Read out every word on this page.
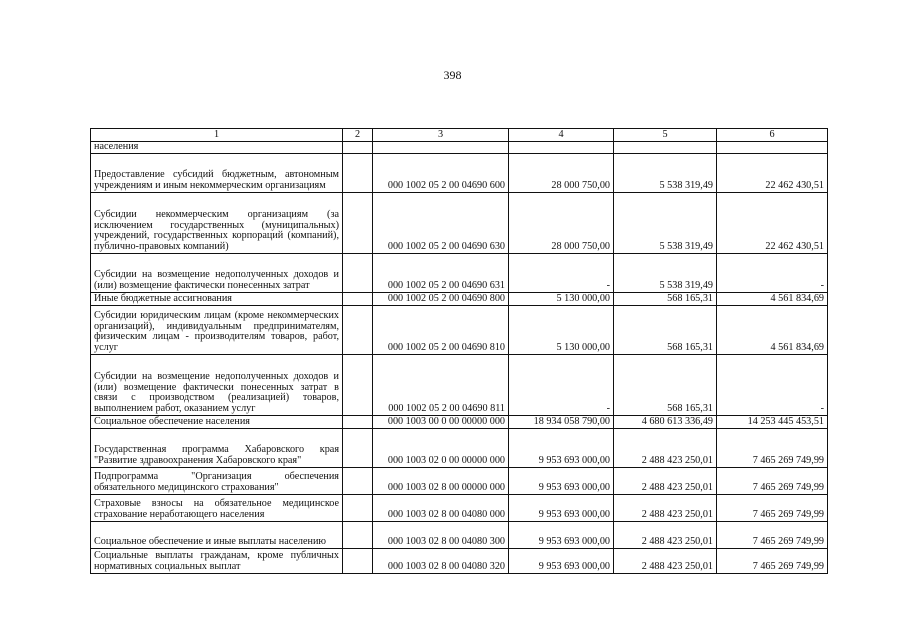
398
1	2	3	4	5	6
населения					
Предоставление субсидий бюджетным, автономным учреждениям и иным некоммерческим организациям		000 1002 05 2 00 04690 600	28 000 750,00	5 538 319,49	22 462 430,51
Субсидии некоммерческим организациям (за исключением государственных (муниципальных) учреждений, государственных корпораций (компаний), публично-правовых компаний)		000 1002 05 2 00 04690 630	28 000 750,00	5 538 319,49	22 462 430,51
Субсидии на возмещение недополученных доходов и (или) возмещение фактически понесенных затрат		000 1002 05 2 00 04690 631	-	5 538 319,49	-
Иные бюджетные ассигнования		000 1002 05 2 00 04690 800	5 130 000,00	568 165,31	4 561 834,69
Субсидии юридическим лицам (кроме некоммерческих организаций), индивидуальным предпринимателям, физическим лицам - производителям товаров, работ, услуг		000 1002 05 2 00 04690 810	5 130 000,00	568 165,31	4 561 834,69
Субсидии на возмещение недополученных доходов и (или) возмещение фактически понесенных затрат в связи с производством (реализацией) товаров, выполнением работ, оказанием услуг		000 1002 05 2 00 04690 811	-	568 165,31	-
Социальное обеспечение населения		000 1003 00 0 00 00000 000	18 934 058 790,00	4 680 613 336,49	14 253 445 453,51
Государственная программа Хабаровского края "Развитие здравоохранения Хабаровского края"		000 1003 02 0 00 00000 000	9 953 693 000,00	2 488 423 250,01	7 465 269 749,99
Подпрограмма "Организация обеспечения обязательного медицинского страхования"		000 1003 02 8 00 00000 000	9 953 693 000,00	2 488 423 250,01	7 465 269 749,99
Страховые взносы на обязательное медицинское страхование неработающего населения		000 1003 02 8 00 04080 000	9 953 693 000,00	2 488 423 250,01	7 465 269 749,99
Социальное обеспечение и иные выплаты населению		000 1003 02 8 00 04080 300	9 953 693 000,00	2 488 423 250,01	7 465 269 749,99
Социальные выплаты гражданам, кроме публичных нормативных социальных выплат		000 1003 02 8 00 04080 320	9 953 693 000,00	2 488 423 250,01	7 465 269 749,99
